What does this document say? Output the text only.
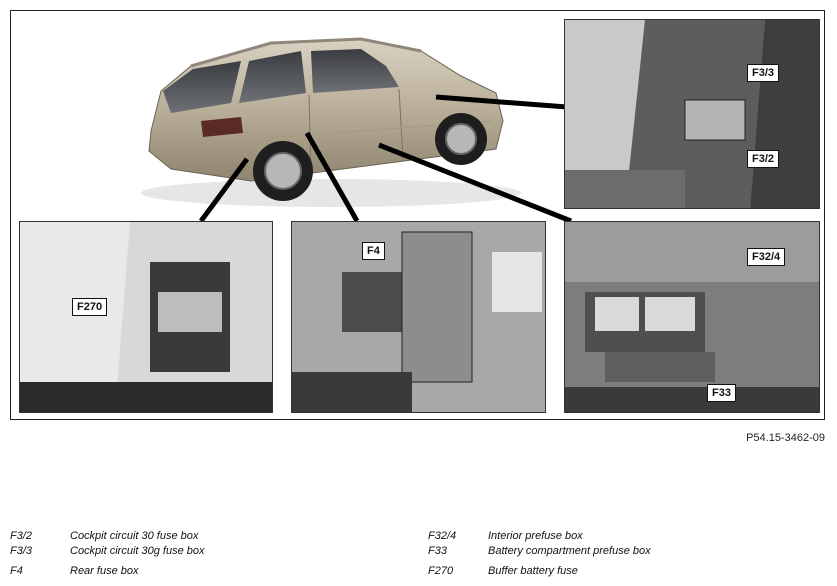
F3/3
F3/2
F270
F4	F32/4
F33
P54.15-3462-09
F3/2	Cockpit circuit 30 fuse box
F3/3	Cockpit circuit 30g fuse box
F4	Rear fuse box
F32/4	Interior prefuse box
F33	Battery compartment prefuse box
F270	Buffer battery fuse
